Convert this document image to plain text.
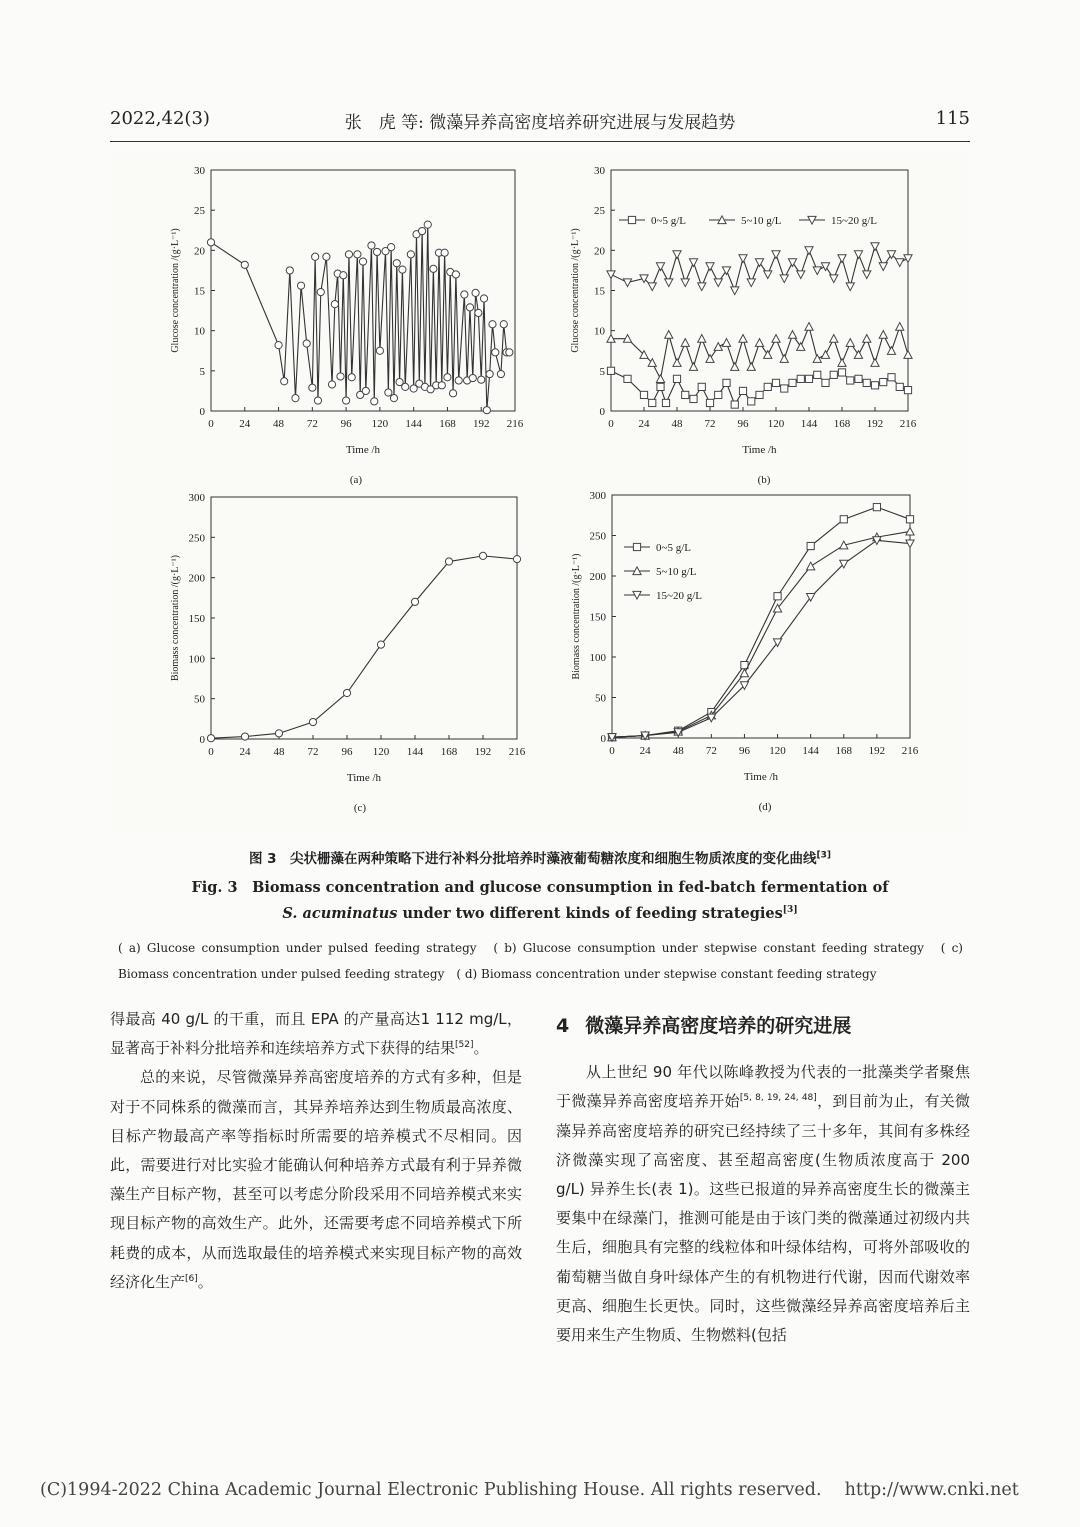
2022,42(3)	张　虎 等: 微藻异养高密度培养研究进展与发展趋势	115
0 24 48 72 96 120 144 168 192 216
0
5
10
15
20
25
30
Time /h
Glucose concentration /(g·L⁻¹)
(a)
0 24 48 72 96 120 144 168 192 216
0
5
10
15
20
25
30
Time /h
Glucose concentration /(g·L⁻¹)
(b)
0~5 g/L	5~10 g/L	15~20 g/L
0 24 48 72 96 120 144 168 192 216
0
50
100
150
200
250
300
Time /h
Biomass concentration /(g·L⁻¹)
(c)
0 24 48 72 96 120 144 168 192 216
0
50
100
150
200
250
300
Time /h
Biomass concentration /(g·L⁻¹)
(d)
0~5 g/L
5~10 g/L
15~20 g/L
图 3　尖状栅藻在两种策略下进行补料分批培养时藻液葡萄糖浓度和细胞生物质浓度的变化曲线[3]
Fig. 3　Biomass concentration and glucose consumption in fed-batch fermentation of
S. acuminatus under two different kinds of feeding strategies[3]
( a) Glucose consumption under pulsed feeding strategy　( b) Glucose consumption under stepwise constant feeding strategy　( c) Biomass concentration under pulsed feeding strategy　( d) Biomass concentration under stepwise constant feeding strategy

得最高 40 g/L 的干重，而且 EPA 的产量高达1 112 mg/L，显著高于补料分批培养和连续培养方式下获得的结果[52]。

总的来说，尽管微藻异养高密度培养的方式有多种，但是对于不同株系的微藻而言，其异养培养达到生物质最高浓度、目标产物最高产率等指标时所需要的培养模式不尽相同。因此，需要进行对比实验才能确认何种培养方式最有利于异养微藻生产目标产物，甚至可以考虑分阶段采用不同培养模式来实现目标产物的高效生产。此外，还需要考虑不同培养模式下所耗费的成本，从而选取最佳的培养模式来实现目标产物的高效经济化生产[6]。

4 微藻异养高密度培养的研究进展

从上世纪 90 年代以陈峰教授为代表的一批藻类学者聚焦于微藻异养高密度培养开始[5, 8, 19, 24, 48]，到目前为止，有关微藻异养高密度培养的研究已经持续了三十多年，其间有多株经济微藻实现了高密度、甚至超高密度(生物质浓度高于 200 g/L) 异养生长(表 1)。这些已报道的异养高密度生长的微藻主要集中在绿藻门，推测可能是由于该门类的微藻通过初级内共生后，细胞具有完整的线粒体和叶绿体结构，可将外部吸收的葡萄糖当做自身叶绿体产生的有机物进行代谢，因而代谢效率更高、细胞生长更快。同时，这些微藻经异养高密度培养后主要用来生产生物质、生物燃料(包括

(C)1994-2022 China Academic Journal Electronic Publishing House. All rights reserved.　 http://www.cnki.net
